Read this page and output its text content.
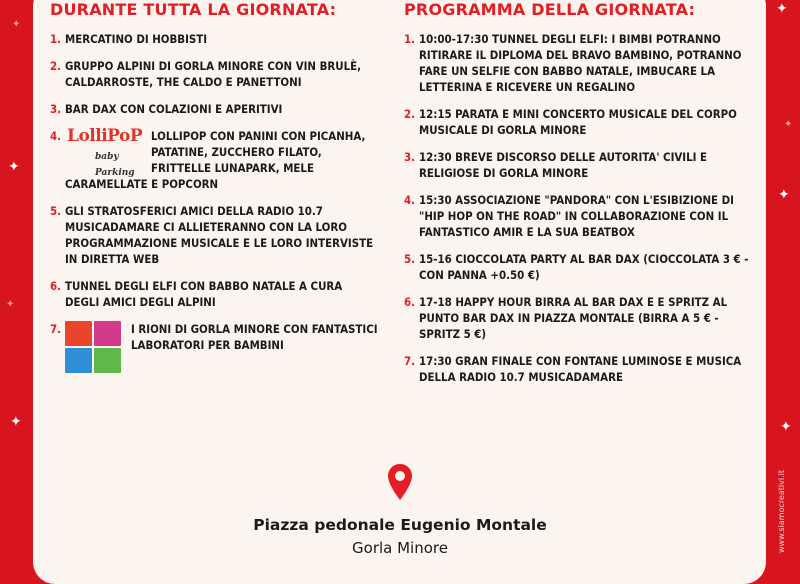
✦
✦
✦
✦
✦
✦
✦
✦
DURANTE TUTTA LA GIORNATA:
1. MERCATINO DI HOBBISTI
2. GRUPPO ALPINI DI GORLA MINORE CON VIN BRULÈ, CALDARROSTE, THE CALDO E PANETTONI
3. BAR DAX CON COLAZIONI E APERITIVI
4. LolliPoP
baby Parking
LOLLIPOP CON PANINI CON PICANHA, PATATINE, ZUCCHERO FILATO, FRITTELLE LUNAPARK, MELE CARAMELLATE E POPCORN
5. GLI STRATOSFERICI AMICI DELLA RADIO 10.7 MUSICADAMARE CI ALLIETERANNO CON LA LORO PROGRAMMAZIONE MUSICALE E LE LORO INTERVISTE IN DIRETTA WEB
6. TUNNEL DEGLI ELFI CON BABBO NATALE A CURA DEGLI AMICI DEGLI ALPINI
7.	I RIONI DI GORLA MINORE CON FANTASTICI LABORATORI PER BAMBINI
PROGRAMMA DELLA GIORNATA:
1. 10:00-17:30 TUNNEL DEGLI ELFI: I BIMBI POTRANNO RITIRARE IL DIPLOMA DEL BRAVO BAMBINO, POTRANNO FARE UN SELFIE CON BABBO NATALE, IMBUCARE LA LETTERINA E RICEVERE UN REGALINO
2. 12:15 PARATA E MINI CONCERTO MUSICALE DEL CORPO MUSICALE DI GORLA MINORE
3. 12:30 BREVE DISCORSO DELLE AUTORITA' CIVILI E RELIGIOSE DI GORLA MINORE
4. 15:30 ASSOCIAZIONE "PANDORA" CON L'ESIBIZIONE DI "HIP HOP ON THE ROAD" IN COLLABORAZIONE CON IL FANTASTICO AMIR E LA SUA BEATBOX
5. 15-16 CIOCCOLATA PARTY AL BAR DAX (CIOCCOLATA 3 € - CON PANNA +0.50 €)
6. 17-18 HAPPY HOUR BIRRA AL BAR DAX E E SPRITZ AL PUNTO BAR DAX IN PIAZZA MONTALE (BIRRA A 5 € - SPRITZ 5 €)
7. 17:30 GRAN FINALE CON FONTANE LUMINOSE E MUSICA DELLA RADIO 10.7 MUSICADAMARE
Piazza pedonale Eugenio Montale
Gorla Minore	www.siamocreativi.it
